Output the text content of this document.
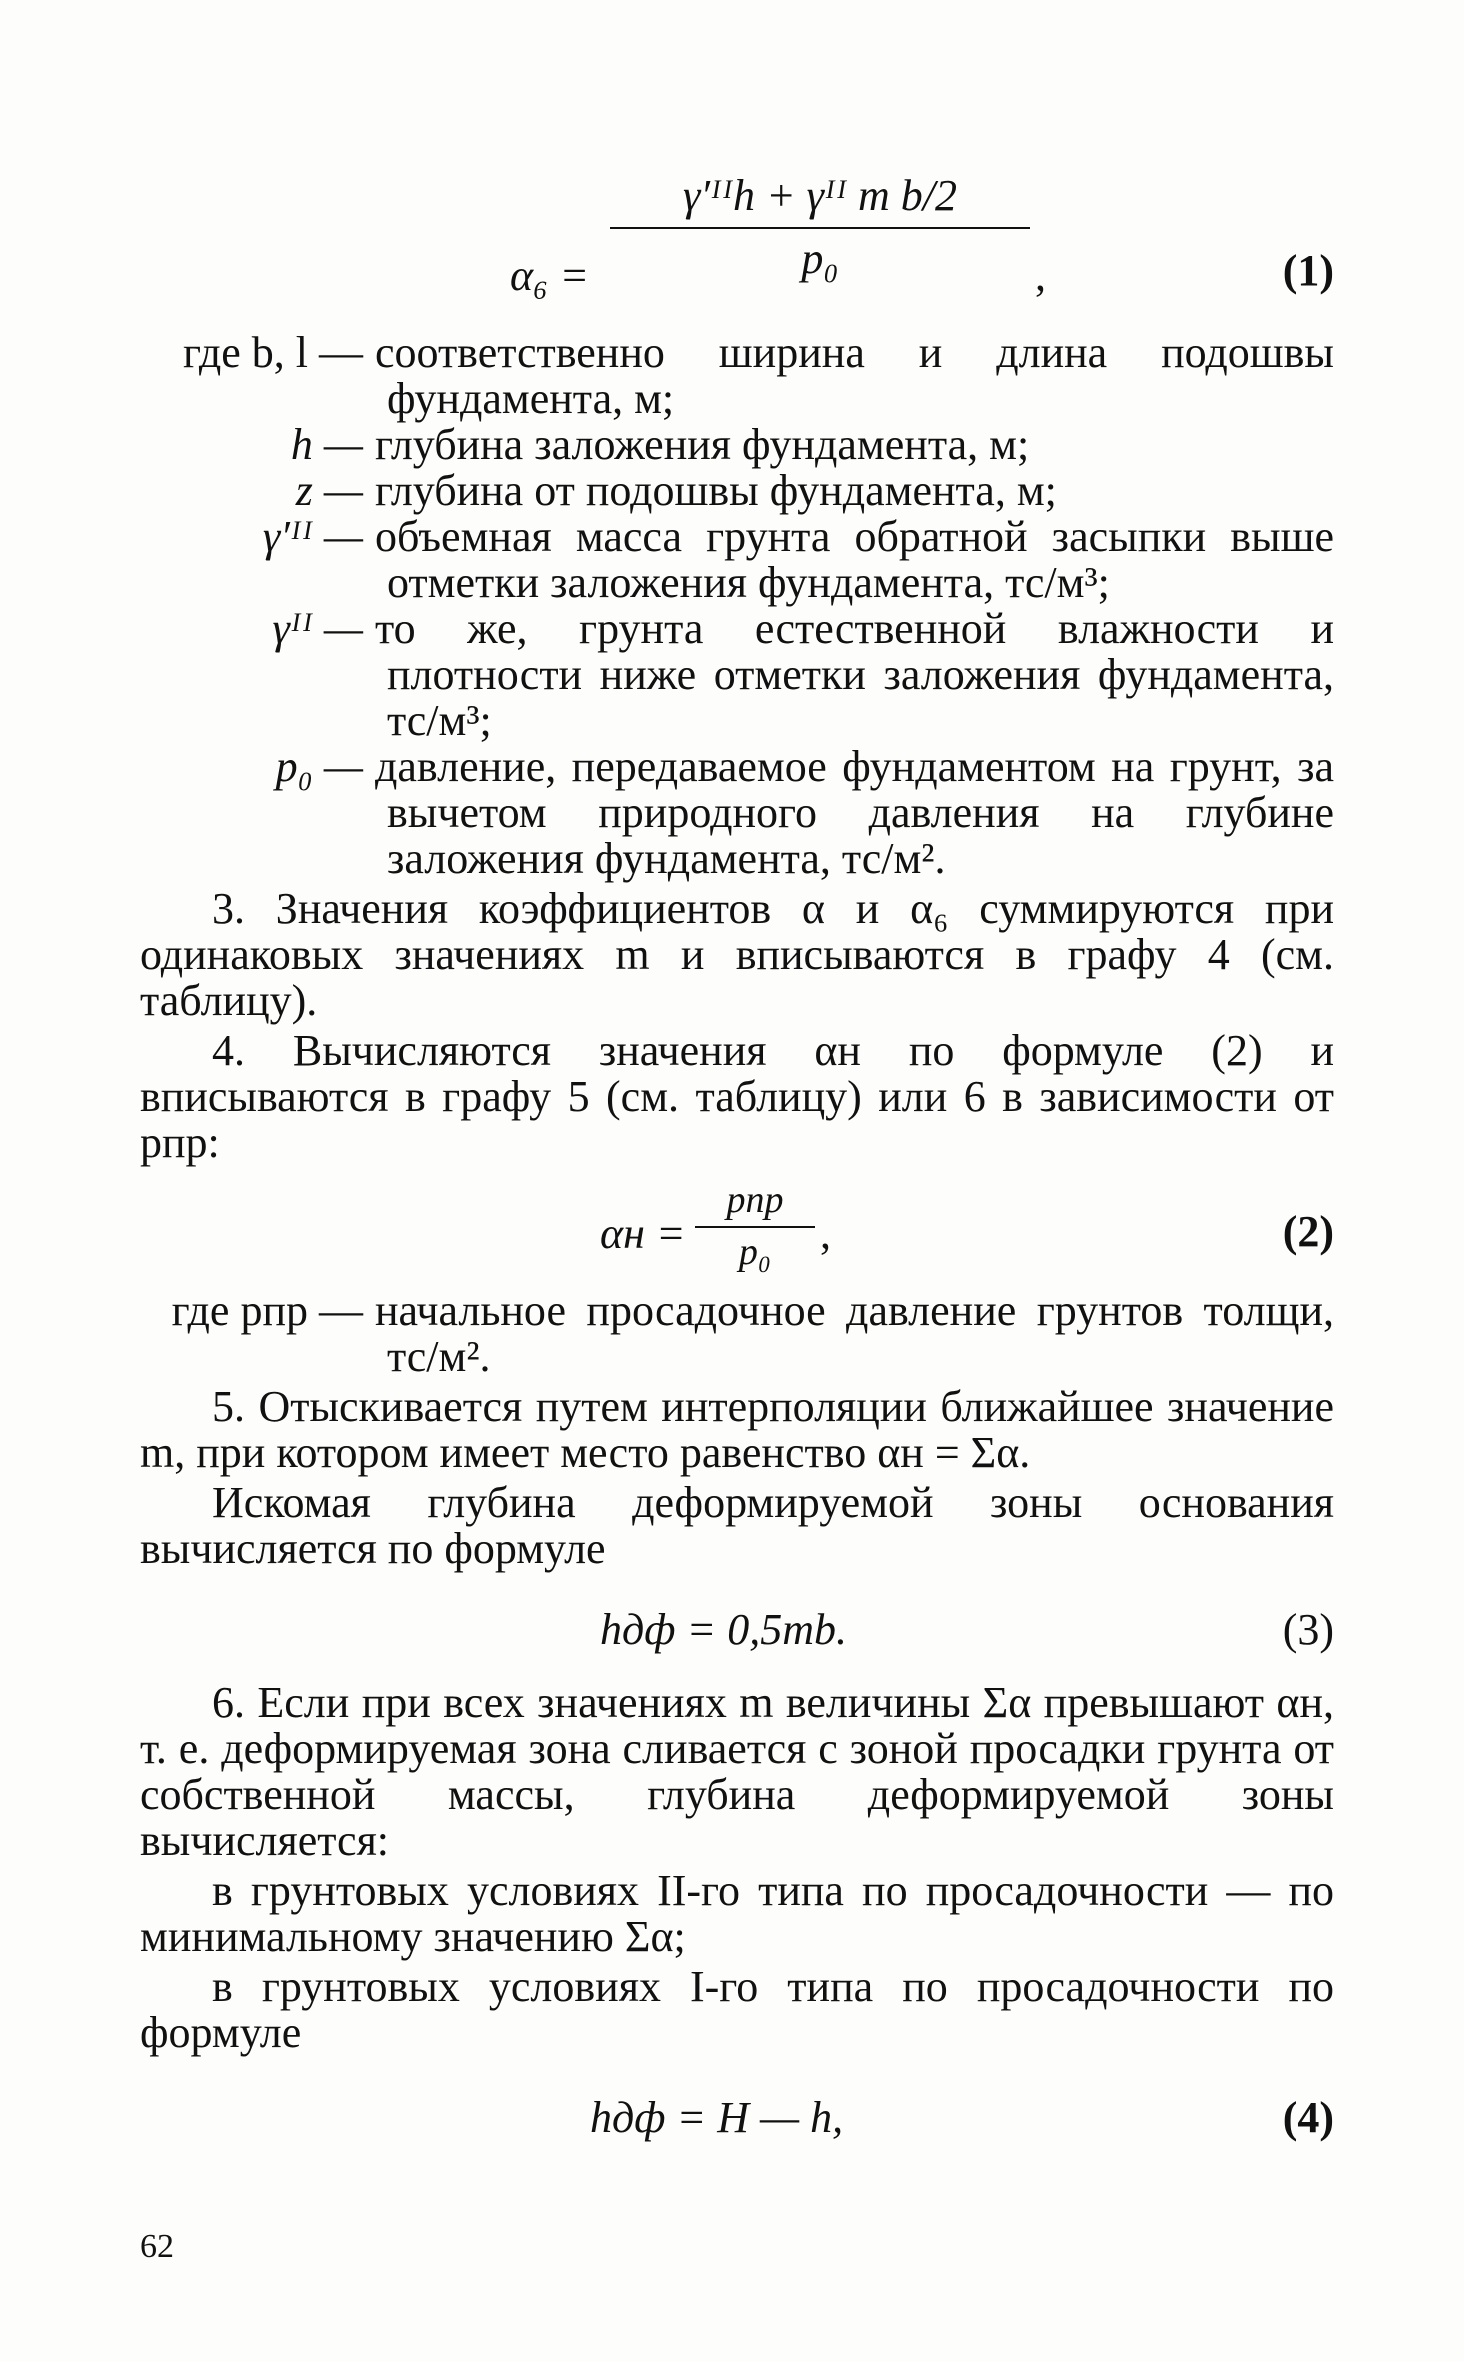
α₆ =
γ′ᴵᴵh + γᴵᴵ m b/2
p₀	,	(1)
где b, l — соответственно ширина и длина подошвы фундамента, м;
h — глубина заложения фундамента, м;
z — глубина от подошвы фундамента, м;
γ′ᴵᴵ — объемная масса грунта обратной засыпки выше отметки заложения фундамента, тс/м³;
γᴵᴵ — то же, грунта естественной влажности и плотности ниже отметки заложения фундамента, тс/м³;
p₀ — давление, передаваемое фундаментом на грунт, за вычетом природного давления на глубине заложения фундамента, тс/м².

3. Значения коэффициентов α и α₆ суммируются при одинаковых значениях m и вписываются в графу 4 (см. таблицу).

4. Вычисляются значения αн по формуле (2) и вписываются в графу 5 (см. таблицу) или 6 в зависимости от pпр:

αн =
pпр
p₀	,	(2)
где pпр — начальное просадочное давление грунтов толщи, тс/м².

5. Отыскивается путем интерполяции ближайшее значение m, при котором имеет место равенство αн = Σα.

Искомая глубина деформируемой зоны основания вычисляется по формуле

hдф = 0,5mb.	(3)

6. Если при всех значениях m величины Σα превышают αн, т. е. деформируемая зона сливается с зоной просадки грунта от собственной массы, глубина деформируемой зоны вычисляется:

в грунтовых условиях II-го типа по просадочности — по минимальному значению Σα;

в грунтовых условиях I-го типа по просадочности по формуле

hдф = H — h,	(4)
62
